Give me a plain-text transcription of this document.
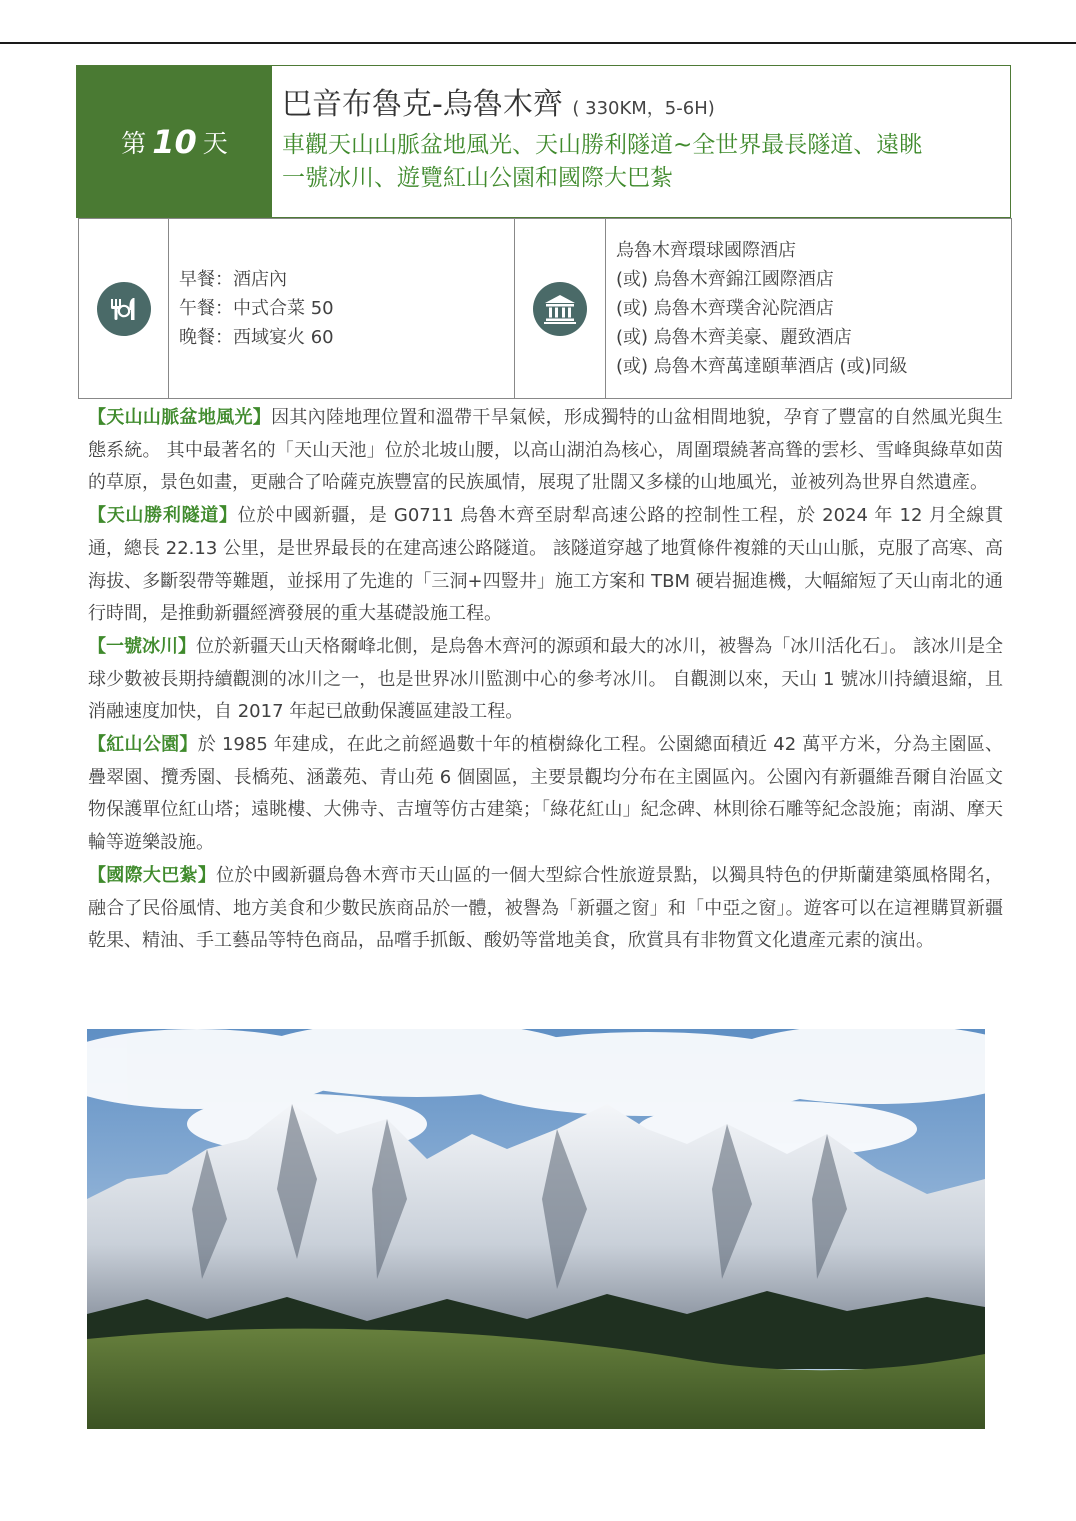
第 10 天
巴音布魯克-烏魯木齊 ( 330KM，5-6H)
車觀天山山脈盆地風光、天山勝利隧道~全世界最長隧道、遠眺
一號冰川、遊覽紅山公園和國際大巴紮
早餐：酒店內
午餐：中式合菜 50
晚餐：西域宴火 60
烏魯木齊環球國際酒店
(或) 烏魯木齊錦江國際酒店
(或) 烏魯木齊璞舍沁院酒店
(或) 烏魯木齊美豪、麗致酒店
(或) 烏魯木齊萬達頤華酒店 (或)同級

【天山山脈盆地風光】因其內陸地理位置和溫帶干旱氣候，形成獨特的山盆相間地貌，孕育了豐富的自然風光與生態系統。 其中最著名的「天山天池」位於北坡山腰，以高山湖泊為核心，周圍環繞著高聳的雲杉、雪峰與綠草如茵的草原，景色如畫，更融合了哈薩克族豐富的民族風情，展現了壯闊又多樣的山地風光，並被列為世界自然遺產。

【天山勝利隧道】位於中國新疆，是 G0711 烏魯木齊至尉犁高速公路的控制性工程，於 2024 年 12 月全線貫通，總長 22.13 公里，是世界最長的在建高速公路隧道。 該隧道穿越了地質條件複雜的天山山脈，克服了高寒、高海拔、多斷裂帶等難題，並採用了先進的「三洞+四豎井」施工方案和 TBM 硬岩掘進機，大幅縮短了天山南北的通行時間，是推動新疆經濟發展的重大基礎設施工程。

【一號冰川】位於新疆天山天格爾峰北側，是烏魯木齊河的源頭和最大的冰川，被譽為「冰川活化石」。 該冰川是全球少數被長期持續觀測的冰川之一，也是世界冰川監測中心的參考冰川。 自觀測以來，天山 1 號冰川持續退縮，且消融速度加快，自 2017 年起已啟動保護區建設工程。

【紅山公園】於 1985 年建成，在此之前經過數十年的植樹綠化工程。公園總面積近 42 萬平方米，分為主園區、疊翠園、攬秀園、長橋苑、涵叢苑、青山苑 6 個園區，主要景觀均分布在主園區內。公園內有新疆維吾爾自治區文物保護單位紅山塔；遠眺樓、大佛寺、吉壇等仿古建築；「綠花紅山」紀念碑、林則徐石雕等紀念設施；南湖、摩天輪等遊樂設施。

【國際大巴紮】位於中國新疆烏魯木齊市天山區的一個大型綜合性旅遊景點，以獨具特色的伊斯蘭建築風格聞名，融合了民俗風情、地方美食和少數民族商品於一體，被譽為「新疆之窗」和「中亞之窗」。遊客可以在這裡購買新疆乾果、精油、手工藝品等特色商品，品嚐手抓飯、酸奶等當地美食，欣賞具有非物質文化遺產元素的演出。
